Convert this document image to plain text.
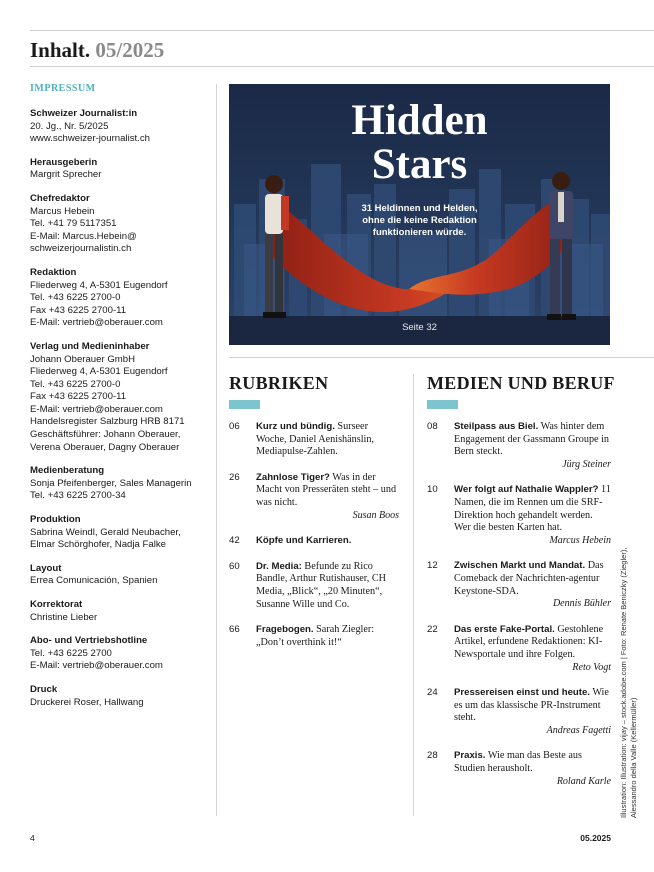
Inhalt. 05/2025
IMPRESSUM
Schweizer Journalist:in
20. Jg., Nr. 5/2025
www.schweizer-journalist.ch
Herausgeberin
Margrit Sprecher
Chefredaktor
Marcus Hebein
Tel. +41 79 5117351
E-Mail: Marcus.Hebein@
schweizerjournalistin.ch
Redaktion
Fliederweg 4, A-5301 Eugendorf
Tel. +43 6225 2700-0
Fax +43 6225 2700-11
E-Mail: vertrieb@oberauer.com
Verlag und Medieninhaber
Johann Oberauer GmbH
Fliederweg 4, A-5301 Eugendorf
Tel. +43 6225 2700-0
Fax +43 6225 2700-11
E-Mail: vertrieb@oberauer.com
Handelsregister Salzburg HRB 8171
Geschäftsführer: Johann Oberauer,
Verena Oberauer, Dagny Oberauer
Medienberatung
Sonja Pfeifenberger, Sales Managerin
Tel. +43 6225 2700-34
Produktion
Sabrina Weindl, Gerald Neubacher,
Elmar Schörghofer, Nadja Falke
Layout
Errea Comunicación, Spanien
Korrektorat
Christine Lieber
Abo- und Vertriebshotline
Tel. +43 6225 2700
E-Mail: vertrieb@oberauer.com
Druck
Druckerei Roser, Hallwang
Hidden
Stars
31 Heldinnen und Helden,
ohne die keine Redaktion
funktionieren würde.
Seite 32
RUBRIKEN
06	Kurz und bündig. Surseer Woche, Daniel Aenishänslin, Mediapulse-Zahlen.
26	Zahnlose Tiger? Was in der Macht von Presseräten steht – und was nicht.
Susan Boos
42	Köpfe und Karrieren.
60	Dr. Media: Befunde zu Rico Bandle, Arthur Rutishauser, CH Media, „Blick“, „20 Minuten“, Susanne Wille und Co.
66	Fragebogen. Sarah Ziegler: „Don’t overthink it!“
MEDIEN UND BERUF
08	Steilpass aus Biel. Was hinter dem Engagement der Gassmann Groupe in Bern steckt.
Jürg Steiner
10	Wer folgt auf Nathalie Wappler? 11 Namen, die im Rennen um die SRF-Direktion hoch gehandelt werden. Wer die besten Karten hat.
Marcus Hebein
12	Zwischen Markt und Mandat. Das Comeback der Nachrichten-agentur Keystone-SDA.
Dennis Bühler
22	Das erste Fake-Portal. Gestohlene Artikel, erfundene Redaktionen: KI-Newsportale und ihre Folgen.
Reto Vogt
24	Pressereisen einst und heute. Wie es um das klassische PR-Instrument steht.
Andreas Fagetti
28	Praxis. Wie man das Beste aus Studien herausholt.
Roland Karle Illustration: Illustration: vijay – stock.adobe.com | Foto: Renate Beniczky (Ziegler), Alessandro della Valle (Kellermüller)
4	05.2025
